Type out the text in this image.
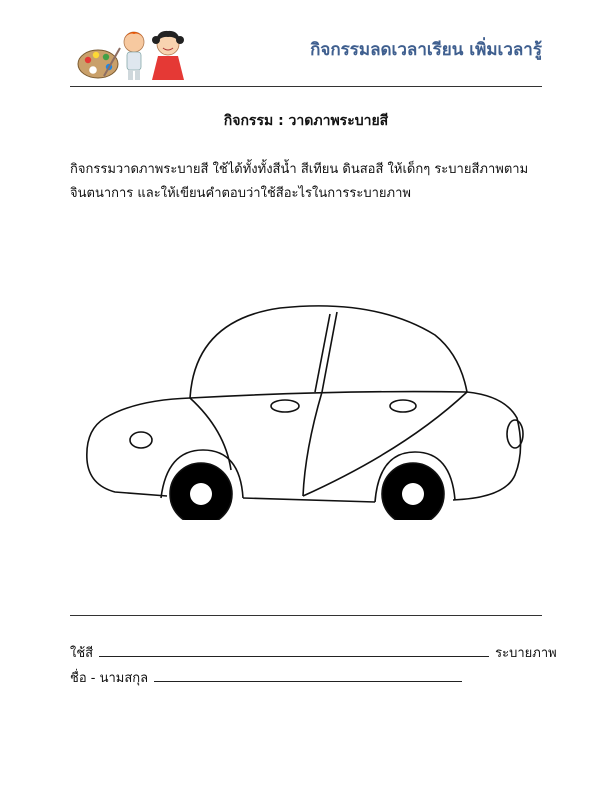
กิจกรรมลดเวลาเรียน เพิ่มเวลารู้
กิจกรรม : วาดภาพระบายสี
กิจกรรมวาดภาพระบายสี ใช้ได้ทั้งทั้งสีน้ำ สีเทียน ดินสอสี ให้เด็กๆ ระบายสีภาพตาม
จินตนาการ และให้เขียนคำตอบว่าใช้สีอะไรในการระบายภาพ
ใช้สี	ระบายภาพ
ชื่อ - นามสกุล
